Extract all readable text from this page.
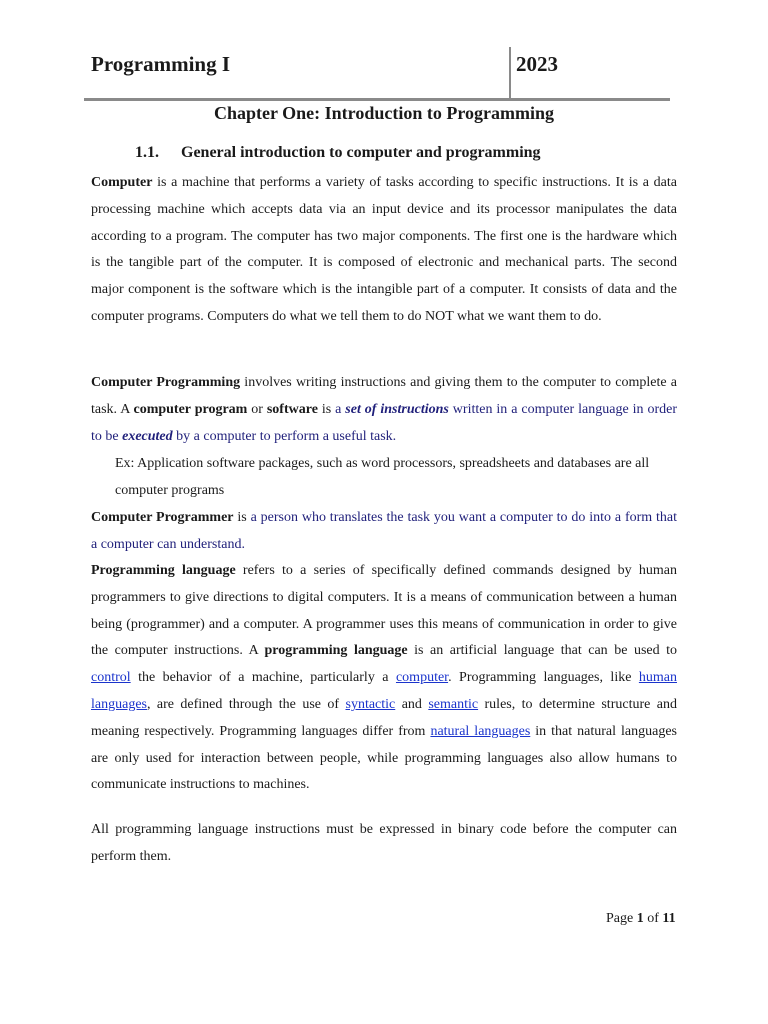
Programming I	2023
Chapter One: Introduction to Programming
1.1. General introduction to computer and programming
Computer is a machine that performs a variety of tasks according to specific instructions. It is a data processing machine which accepts data via an input device and its processor manipulates the data according to a program. The computer has two major components. The first one is the hardware which is the tangible part of the computer. It is composed of electronic and mechanical parts. The second major component is the software which is the intangible part of a computer. It consists of data and the computer programs. Computers do what we tell them to do NOT what we want them to do.
Computer Programming involves writing instructions and giving them to the computer to complete a task. A computer program or software is a set of instructions written in a computer language in order to be executed by a computer to perform a useful task.
Ex: Application software packages, such as word processors, spreadsheets and databases are all computer programs
Computer Programmer is a person who translates the task you want a computer to do into a form that a computer can understand.
Programming language refers to a series of specifically defined commands designed by human programmers to give directions to digital computers. It is a means of communication between a human being (programmer) and a computer. A programmer uses this means of communication in order to give the computer instructions. A programming language is an artificial language that can be used to control the behavior of a machine, particularly a computer. Programming languages, like human languages, are defined through the use of syntactic and semantic rules, to determine structure and meaning respectively. Programming languages differ from natural languages in that natural languages are only used for interaction between people, while programming languages also allow humans to communicate instructions to machines.
All programming language instructions must be expressed in binary code before the computer can perform them.
Page 1 of 11
